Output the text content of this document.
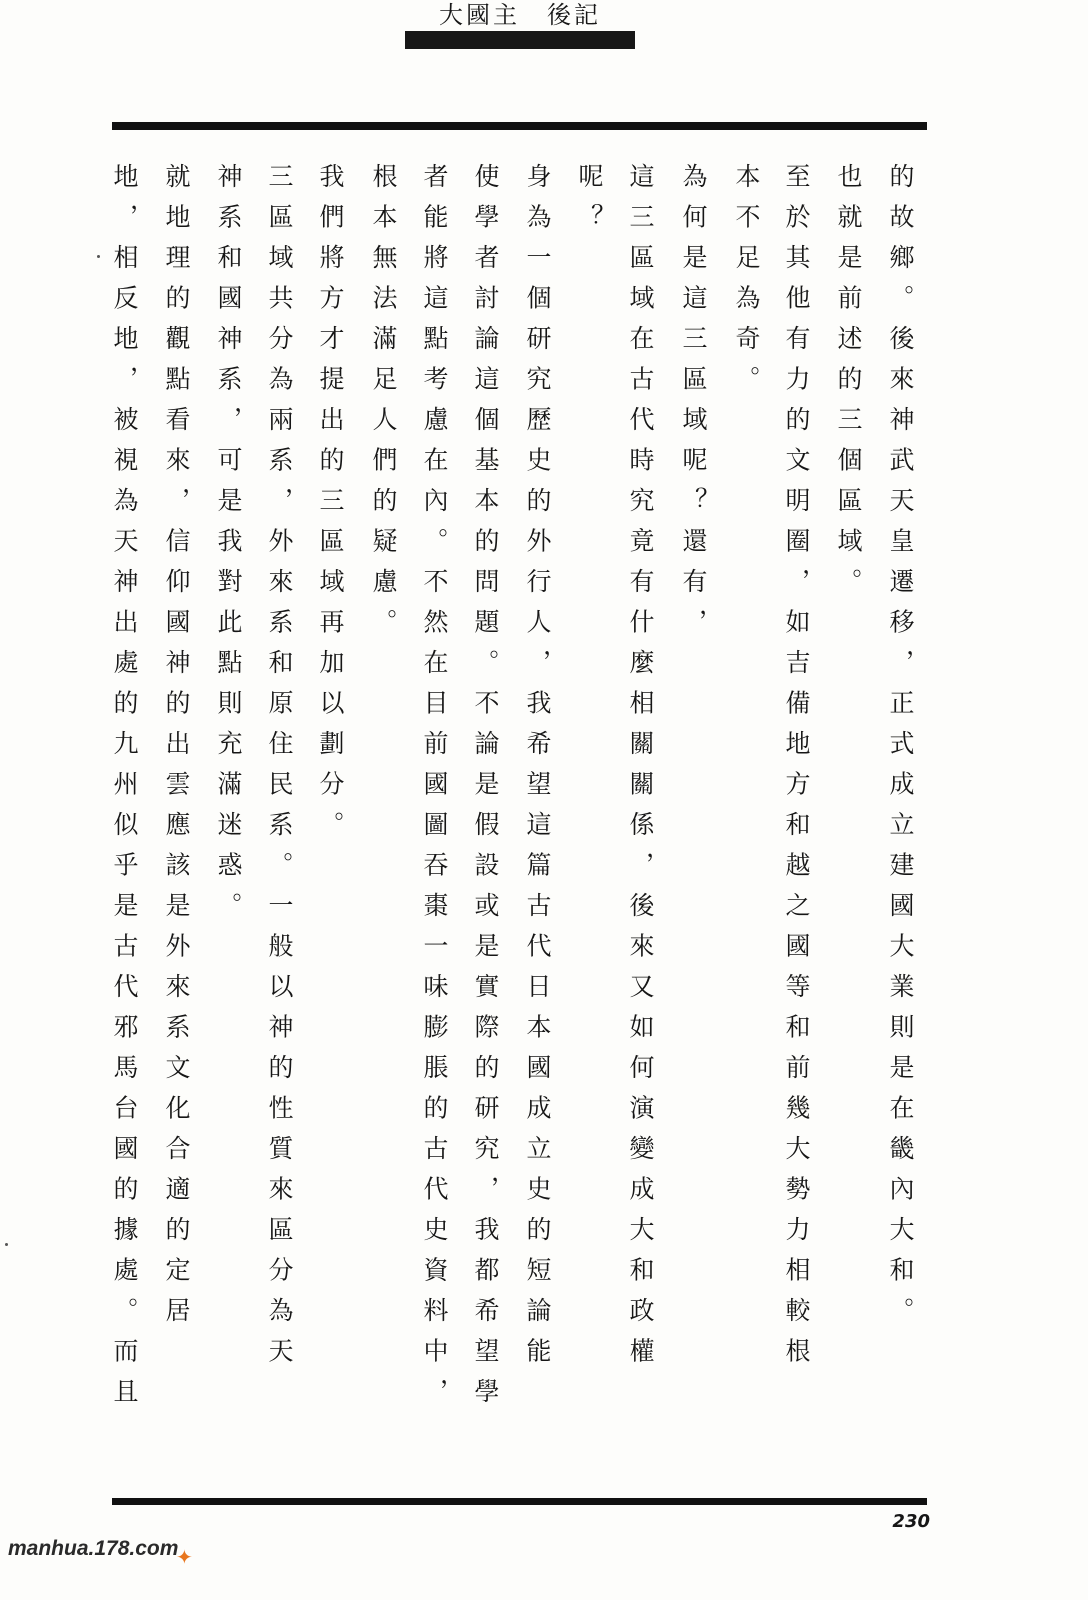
大國主　後記
的故鄉。後來神武天皇遷移，正式成立建國大業則是在畿內大和。
也就是前述的三個區域。
至於其他有力的文明圈，如吉備地方和越之國等和前幾大勢力相較根
本不足為奇。
為何是這三區域呢？還有，
這三區域在古代時究竟有什麼相關關係，後來又如何演變成大和政權
呢？
身為一個研究歷史的外行人，我希望這篇古代日本國成立史的短論能
使學者討論這個基本的問題。不論是假設或是實際的研究，我都希望學
者能將這點考慮在內。不然在目前國圖吞棗一味膨脹的古代史資料中，
根本無法滿足人們的疑慮。
我們將方才提出的三區域再加以劃分。
三區域共分為兩系，外來系和原住民系。一般以神的性質來區分為天
神系和國神系，可是我對此點則充滿迷惑。
就地理的觀點看來，信仰國神的出雲應該是外來系文化合適的定居
地，相反地，被視為天神出處的九州似乎是古代邪馬台國的據處。而且
230
manhua.178.com
✦
